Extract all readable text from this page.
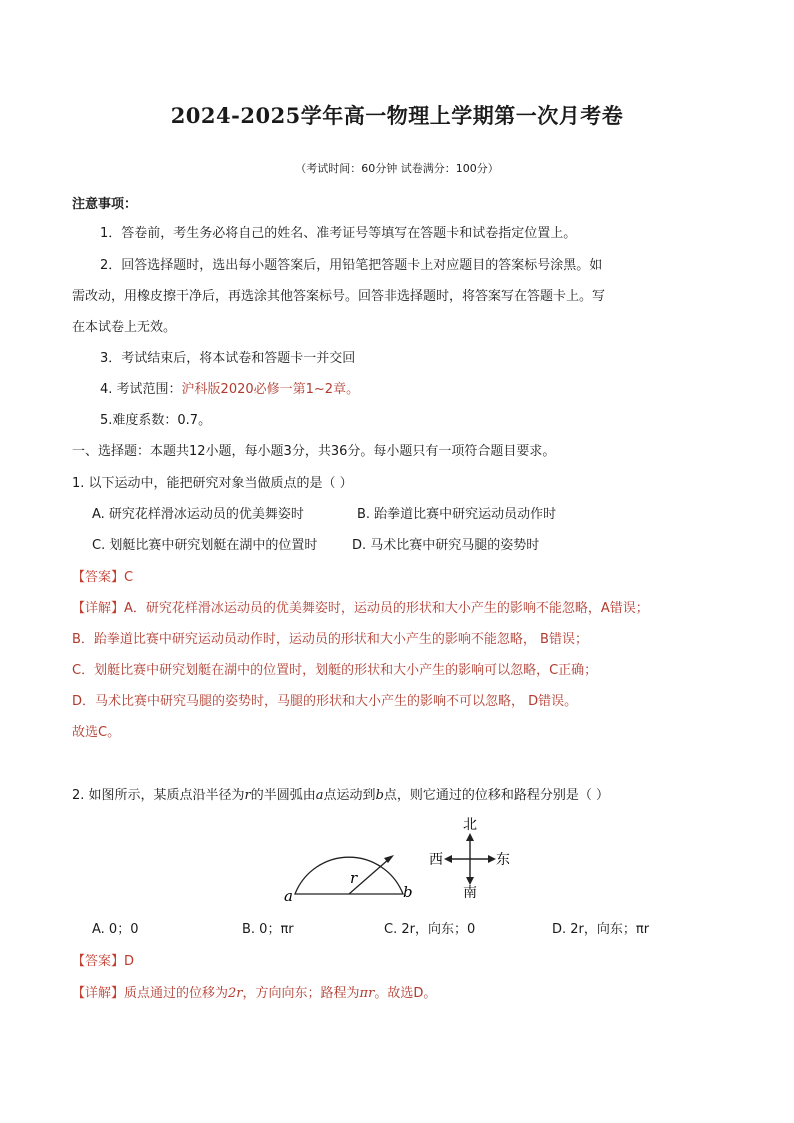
2024-2025学年高一物理上学期第一次月考卷
（考试时间：60分钟 试卷满分：100分）
注意事项：
1．答卷前，考生务必将自己的姓名、准考证号等填写在答题卡和试卷指定位置上。
2．回答选择题时，选出每小题答案后，用铅笔把答题卡上对应题目的答案标号涂黑。如
需改动，用橡皮擦干净后，再选涂其他答案标号。回答非选择题时，将答案写在答题卡上。写
在本试卷上无效。
3．考试结束后，将本试卷和答题卡一并交回
4. 考试范围：沪科版2020必修一第1~2章。
5.难度系数：0.7。
一、选择题：本题共12小题，每小题3分，共36分。每小题只有一项符合题目要求。
1. 以下运动中，能把研究对象当做质点的是（ ）
A. 研究花样滑冰运动员的优美舞姿时	B. 跆拳道比赛中研究运动员动作时
C. 划艇比赛中研究划艇在湖中的位置时	D. 马术比赛中研究马腿的姿势时
【答案】C
【详解】A．研究花样滑冰运动员的优美舞姿时，运动员的形状和大小产生的影响不能忽略，A错误；
B．跆拳道比赛中研究运动员动作时，运动员的形状和大小产生的影响不能忽略， B错误；
C．划艇比赛中研究划艇在湖中的位置时，划艇的形状和大小产生的影响可以忽略，C正确；
D．马术比赛中研究马腿的姿势时，马腿的形状和大小产生的影响不可以忽略， D错误。
故选C。
2. 如图所示，某质点沿半径为r的半圆弧由a点运动到b点，则它通过的位移和路程分别是（ ）
a	b
r
北
南
西	东
A. 0；0	B. 0；πr	C. 2r，向东；0	D. 2r，向东；πr
【答案】D
【详解】质点通过的位移为2r，方向向东；路程为πr。故选D。
